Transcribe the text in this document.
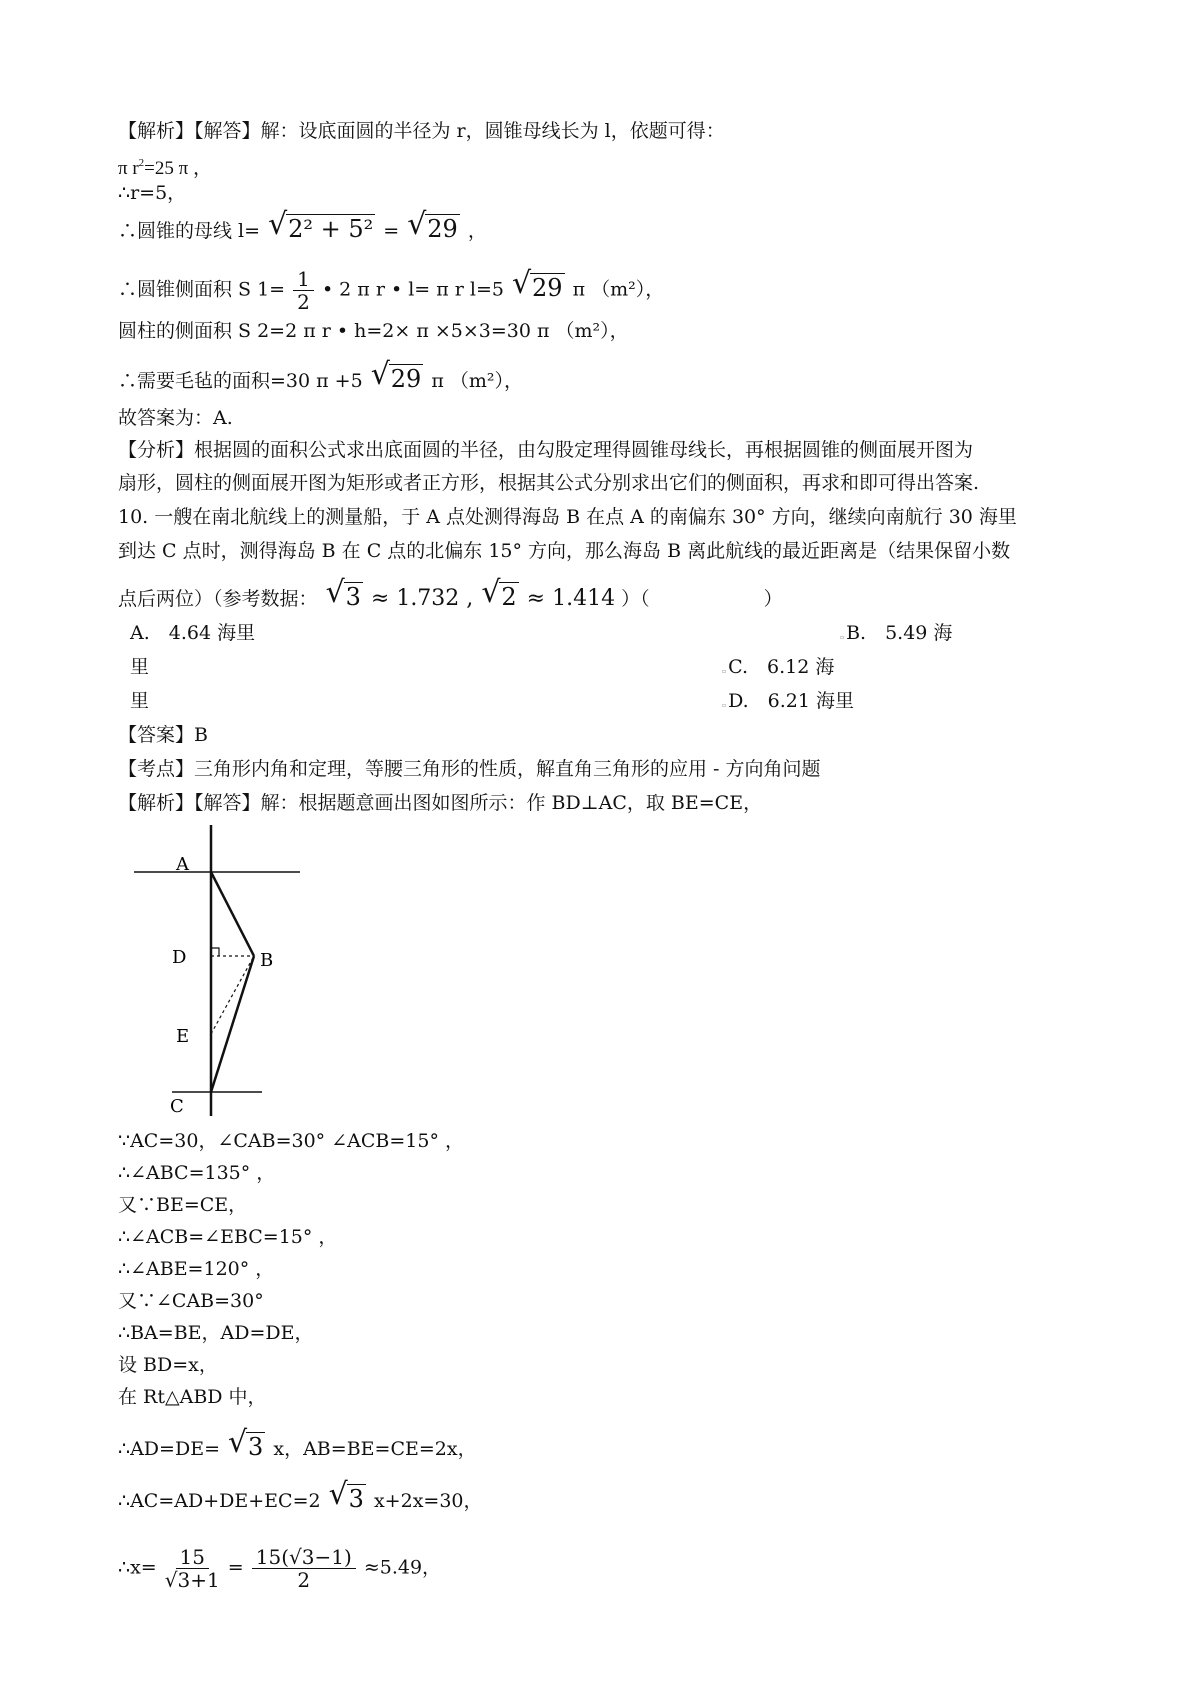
【解析】【解答】解：设底面圆的半径为 r，圆锥母线长为 l，依题可得：
π $r^2=25$ π ，
∴r=5，
∴圆锥的母线 l= √ 2² + 5² = √ 29 ，
∴圆锥侧面积 S $1= \frac{1}{2}$ • 2 π r • l= π r l=5 √ 29 π （m²），
圆柱的侧面积 S 2=2 π r • h=2× π ×5×3=30 π （m²），
∴需要毛毡的面积=30 π +5 √ 29 π （m²），
故答案为：A.
【分析】根据圆的面积公式求出底面圆的半径，由勾股定理得圆锥母线长，再根据圆锥的侧面展开图为
扇形，圆柱的侧面展开图为矩形或者正方形，根据其公式分别求出它们的侧面积，再求和即可得出答案.
10. 一艘在南北航线上的测量船，于 A 点处测得海岛 B 在点 A 的南偏东 30° 方向，继续向南航行 30 海里
到达 C 点时，测得海岛 B 在 C 点的北偏东 15° 方向，那么海岛 B 离此航线的最近距离是（结果保留小数
点后两位）（参考数据： √ 3 ≈ 1.732 , √ 2 ≈ 1.414 ）（　　　　　　）
A.　4.64 海里	▫ B.　5.49 海
里	▫ C.　6.12 海
里	▫ D.　6.21 海里
【答案】B
【考点】三角形内角和定理，等腰三角形的性质，解直角三角形的应用 - 方向角问题
【解析】【解答】解：根据题意画出图如图所示：作 BD⊥AC，取 BE=CE，
A
D	B
E
C
∵AC=30，∠CAB=30° ∠ACB=15° ，
∴∠ABC=135° ，
又∵BE=CE，
∴∠ACB=∠EBC=15° ，
∴∠ABE=120° ，
又∵∠CAB=30°
∴BA=BE，AD=DE，
设 BD=x，
在 Rt△ABD 中，
∴AD=DE= √ 3 x，AB=BE=CE=2x，
∴AC=AD+DE+EC=2 √ 3 x+2x=30，
∴x= $\frac{15}{√3+1} = \frac{15(√3-1)}{2} \approx 5.49$，
